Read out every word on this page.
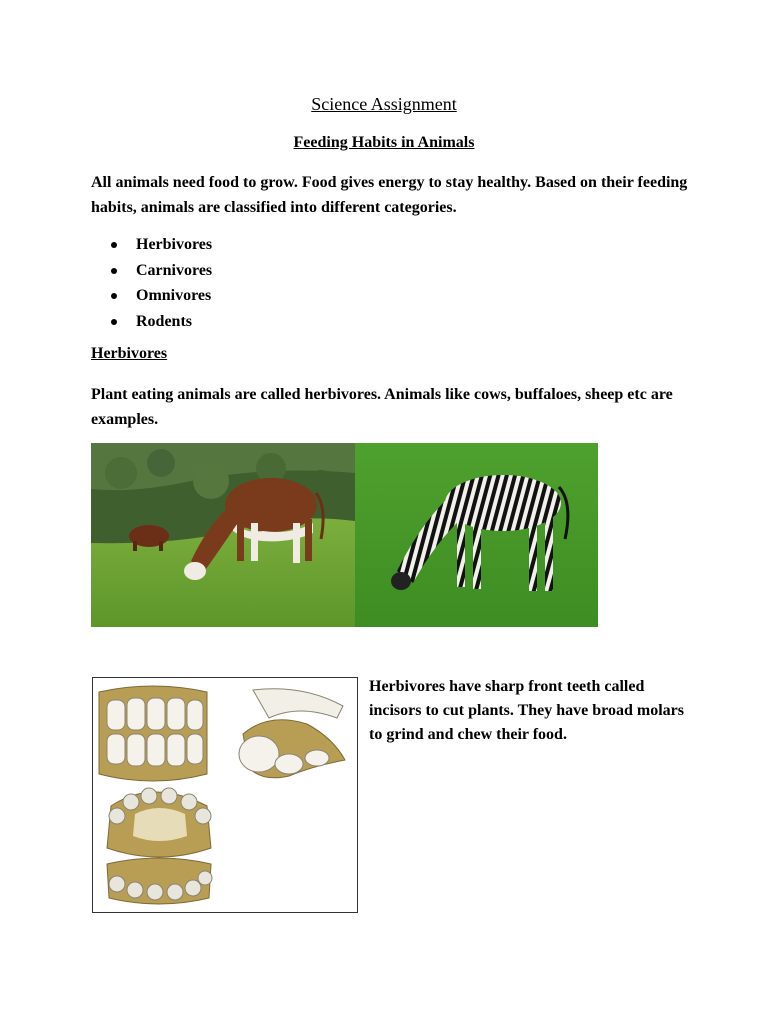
Science Assignment
Feeding Habits in Animals

All animals need food to grow. Food gives energy to stay healthy. Based on their feeding habits, animals are classified into different categories.

Herbivores
Carnivores
Omnivores
Rodents
Herbivores

Plant eating animals are called herbivores. Animals like cows, buffaloes, sheep etc are examples.

Herbivores have sharp front teeth called incisors to cut plants. They have broad molars to grind and chew their food.
